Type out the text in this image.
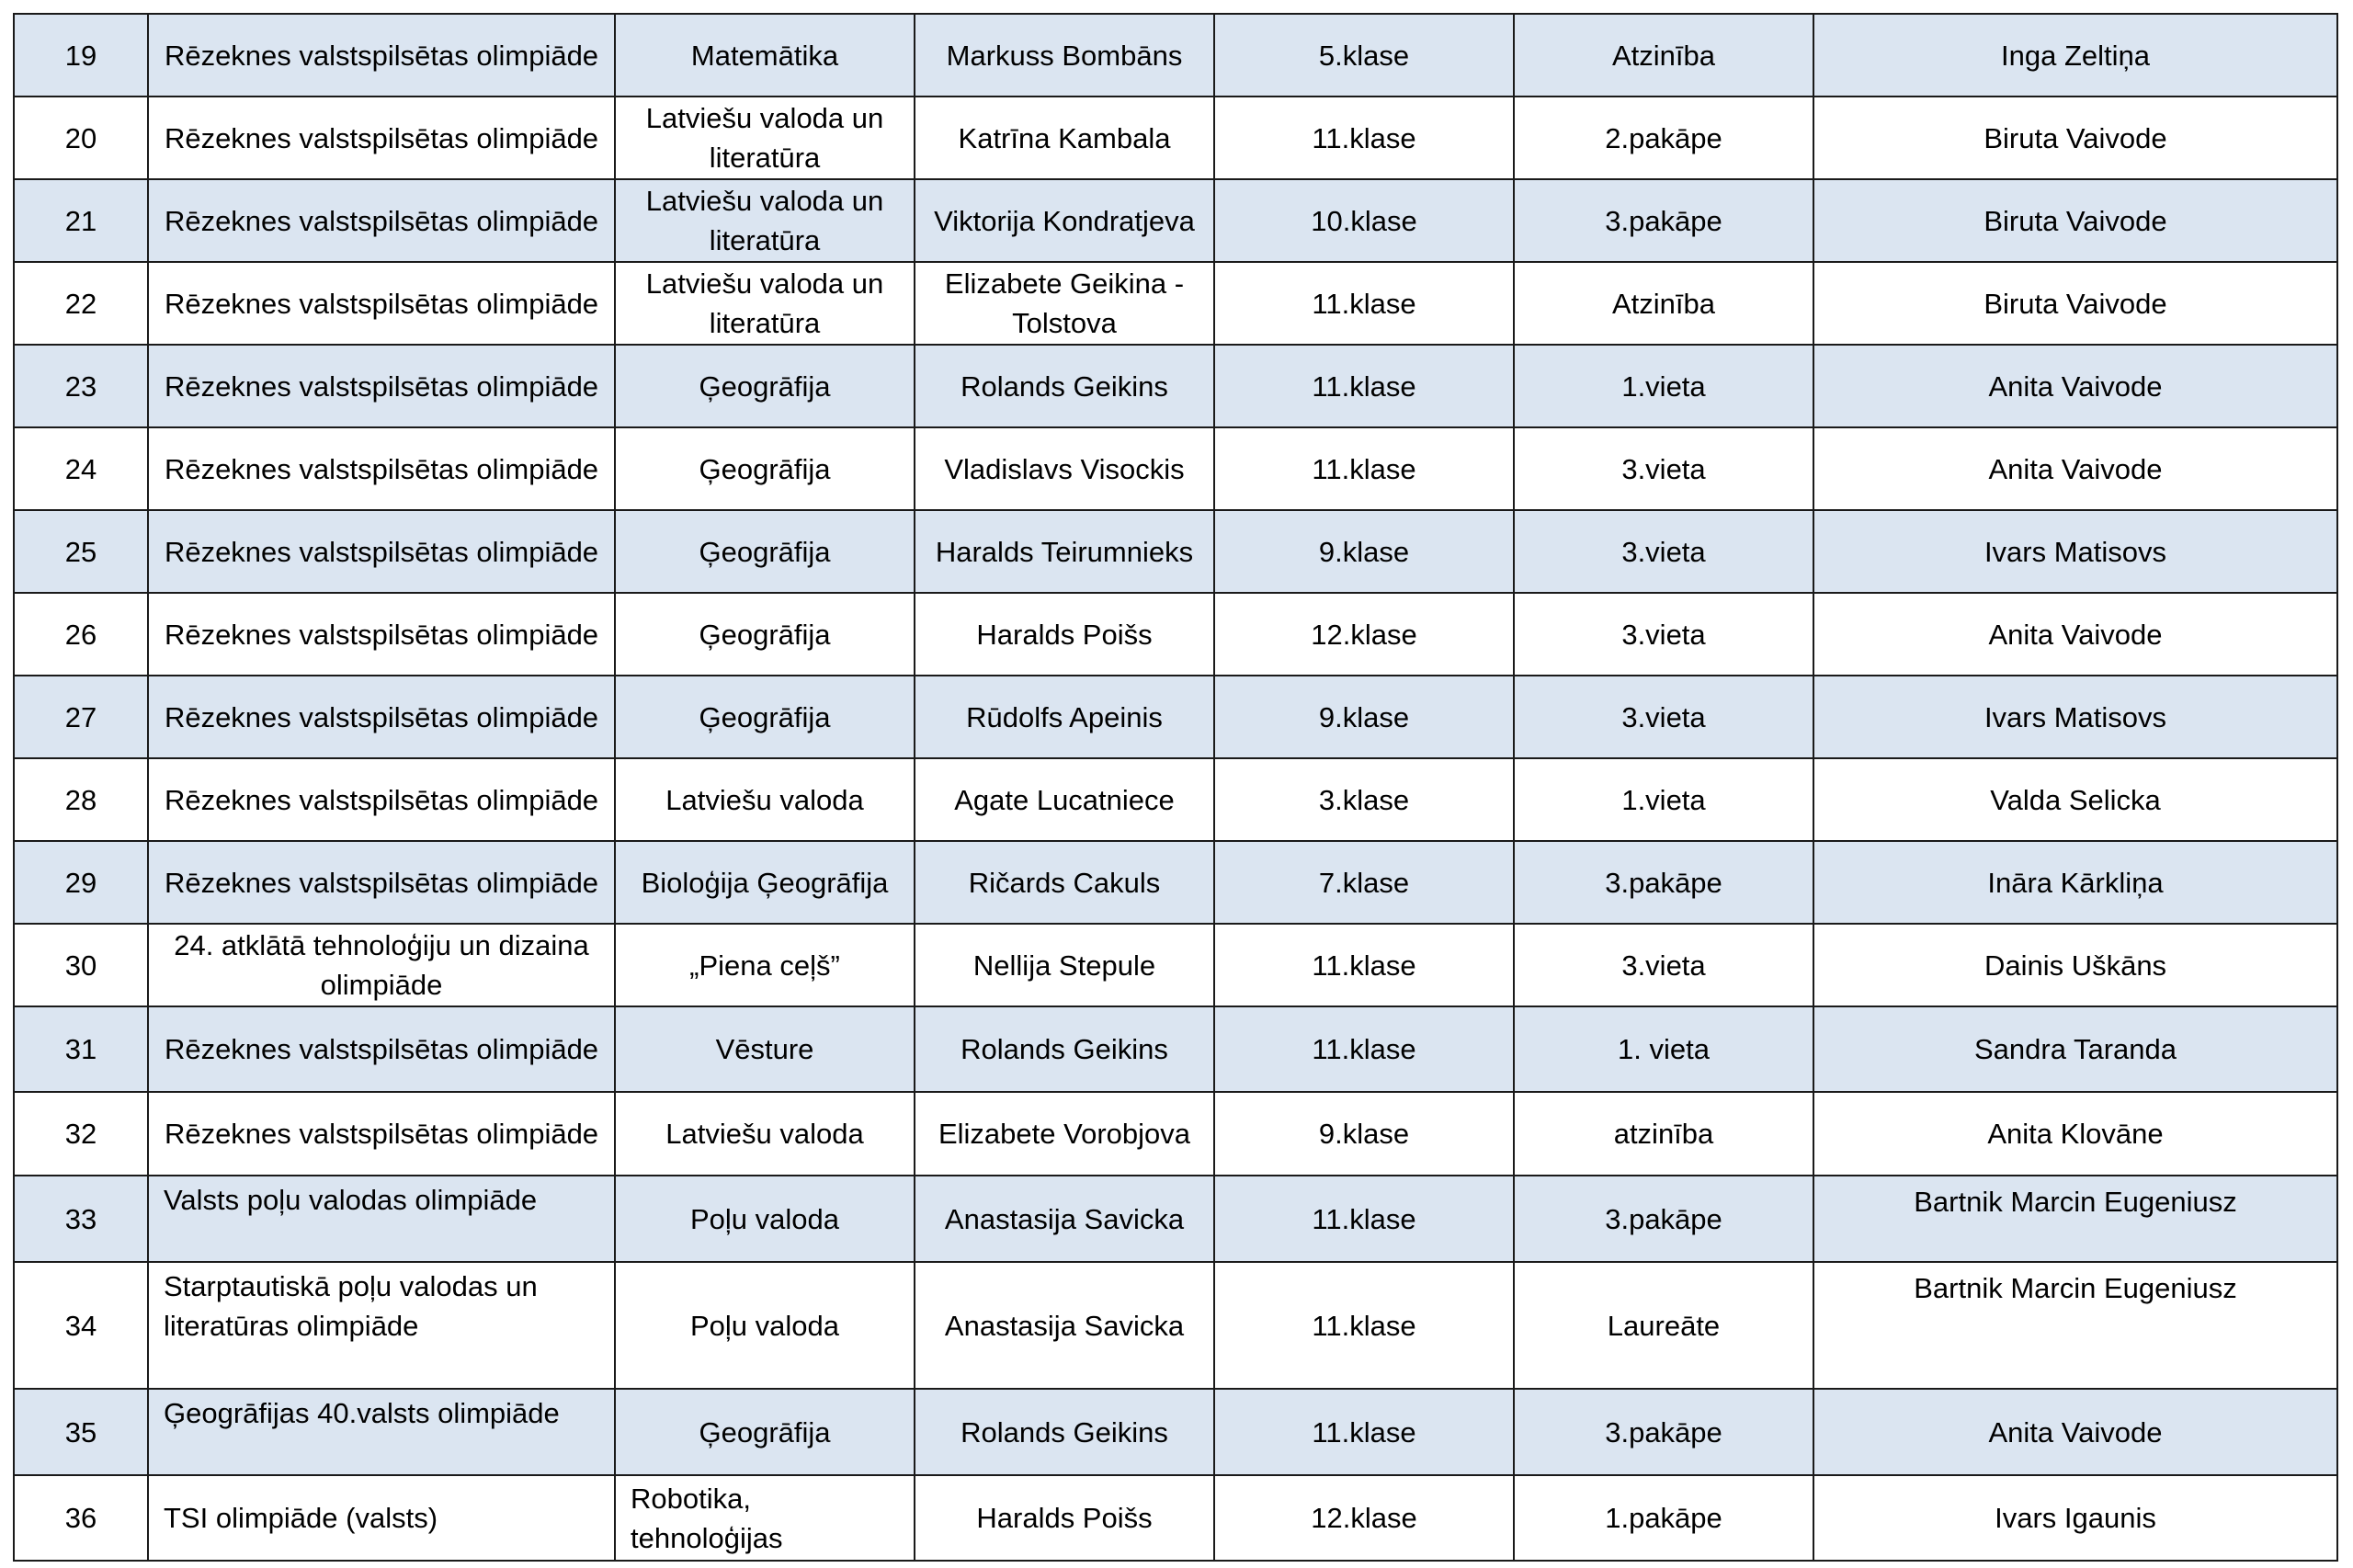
19	Rēzeknes valstspilsētas olimpiāde	Matemātika	Markuss Bombāns	5.klase	Atzinība	Inga Zeltiņa
20	Rēzeknes valstspilsētas olimpiāde	Latviešu valoda un literatūra	Katrīna Kambala	11.klase	2.pakāpe	Biruta Vaivode
21	Rēzeknes valstspilsētas olimpiāde	Latviešu valoda un literatūra	Viktorija Kondratjeva	10.klase	3.pakāpe	Biruta Vaivode
22	Rēzeknes valstspilsētas olimpiāde	Latviešu valoda un literatūra	Elizabete Geikina - Tolstova	11.klase	Atzinība	Biruta Vaivode
23	Rēzeknes valstspilsētas olimpiāde	Ģeogrāfija	Rolands Geikins	11.klase	1.vieta	Anita Vaivode
24	Rēzeknes valstspilsētas olimpiāde	Ģeogrāfija	Vladislavs Visockis	11.klase	3.vieta	Anita Vaivode
25	Rēzeknes valstspilsētas olimpiāde	Ģeogrāfija	Haralds Teirumnieks	9.klase	3.vieta	Ivars Matisovs
26	Rēzeknes valstspilsētas olimpiāde	Ģeogrāfija	Haralds Poišs	12.klase	3.vieta	Anita Vaivode
27	Rēzeknes valstspilsētas olimpiāde	Ģeogrāfija	Rūdolfs Apeinis	9.klase	3.vieta	Ivars Matisovs
28	Rēzeknes valstspilsētas olimpiāde	Latviešu valoda	Agate Lucatniece	3.klase	1.vieta	Valda Selicka
29	Rēzeknes valstspilsētas olimpiāde	Bioloģija Ģeogrāfija	Ričards Cakuls	7.klase	3.pakāpe	Ināra Kārkliņa
30	24. atklātā tehnoloģiju un dizaina olimpiāde	„Piena ceļš”	Nellija Stepule	11.klase	3.vieta	Dainis Uškāns
31	Rēzeknes valstspilsētas olimpiāde	Vēsture	Rolands Geikins	11.klase	1. vieta	Sandra Taranda
32	Rēzeknes valstspilsētas olimpiāde	Latviešu valoda	Elizabete Vorobjova	9.klase	atzinība	Anita Klovāne
33	Valsts poļu valodas olimpiāde	Poļu valoda	Anastasija Savicka	11.klase	3.pakāpe	Bartnik Marcin Eugeniusz
34	Starptautiskā poļu valodas un literatūras olimpiāde	Poļu valoda	Anastasija Savicka	11.klase	Laureāte	Bartnik Marcin Eugeniusz
35	Ģeogrāfijas 40.valsts olimpiāde	Ģeogrāfija	Rolands Geikins	11.klase	3.pakāpe	Anita Vaivode
36	TSI olimpiāde (valsts)	Robotika, tehnoloģijas	Haralds Poišs	12.klase	1.pakāpe	Ivars Igaunis
